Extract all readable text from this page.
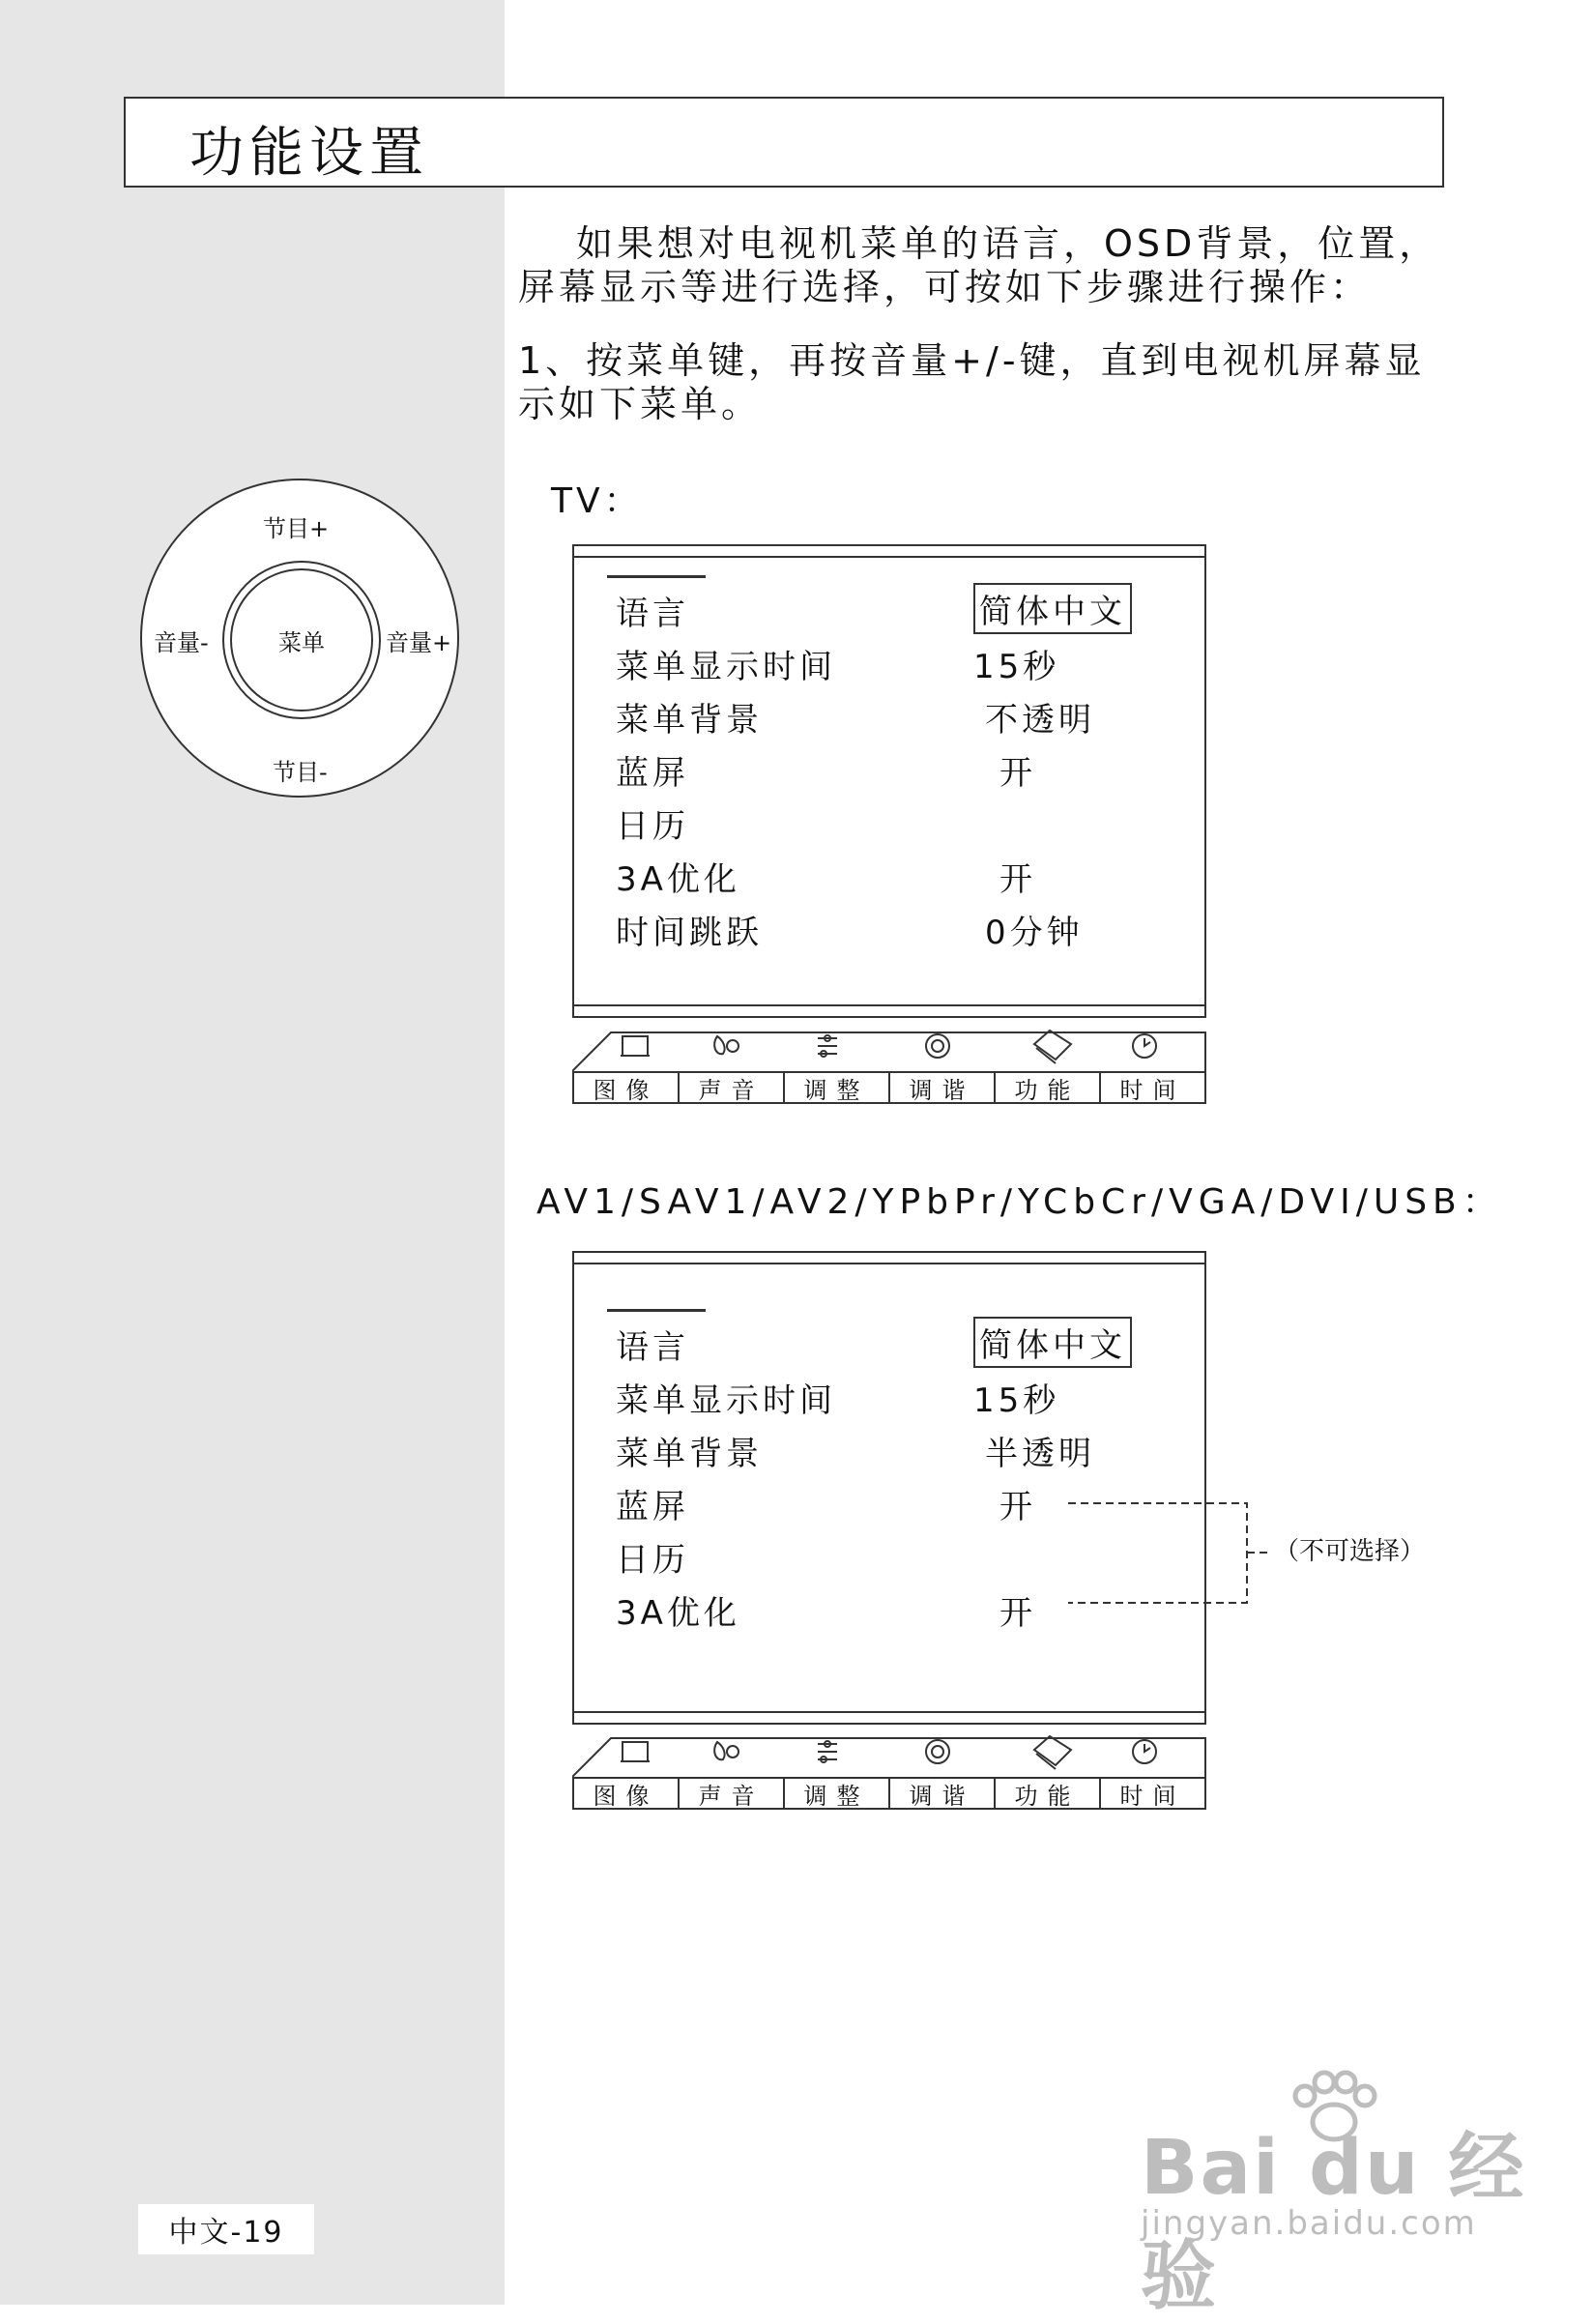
功能设置

如果想对电视机菜单的语言，OSD背景，位置，屏幕显示等进行选择，可按如下步骤进行操作：

1、按菜单键，再按音量+/-键，直到电视机屏幕显示如下菜单。

节目+
音量-	音量+
节目-
菜单
TV：
语言	简体中文
菜单显示时间	15秒
菜单背景	不透明
蓝屏	开
日历
3A优化	开
时间跳跃	0分钟
图像	声音	调整	调谐	功能	时间
AV1/SAV1/AV2/YPbPr/YCbCr/VGA/DVI/USB：
语言	简体中文
菜单显示时间	15秒
菜单背景	半透明
蓝屏	开
日历
3A优化	开
（不可选择）
图像	声音	调整	调谐	功能	时间
Bai du 经验
jingyan.baidu.com
中文-19
